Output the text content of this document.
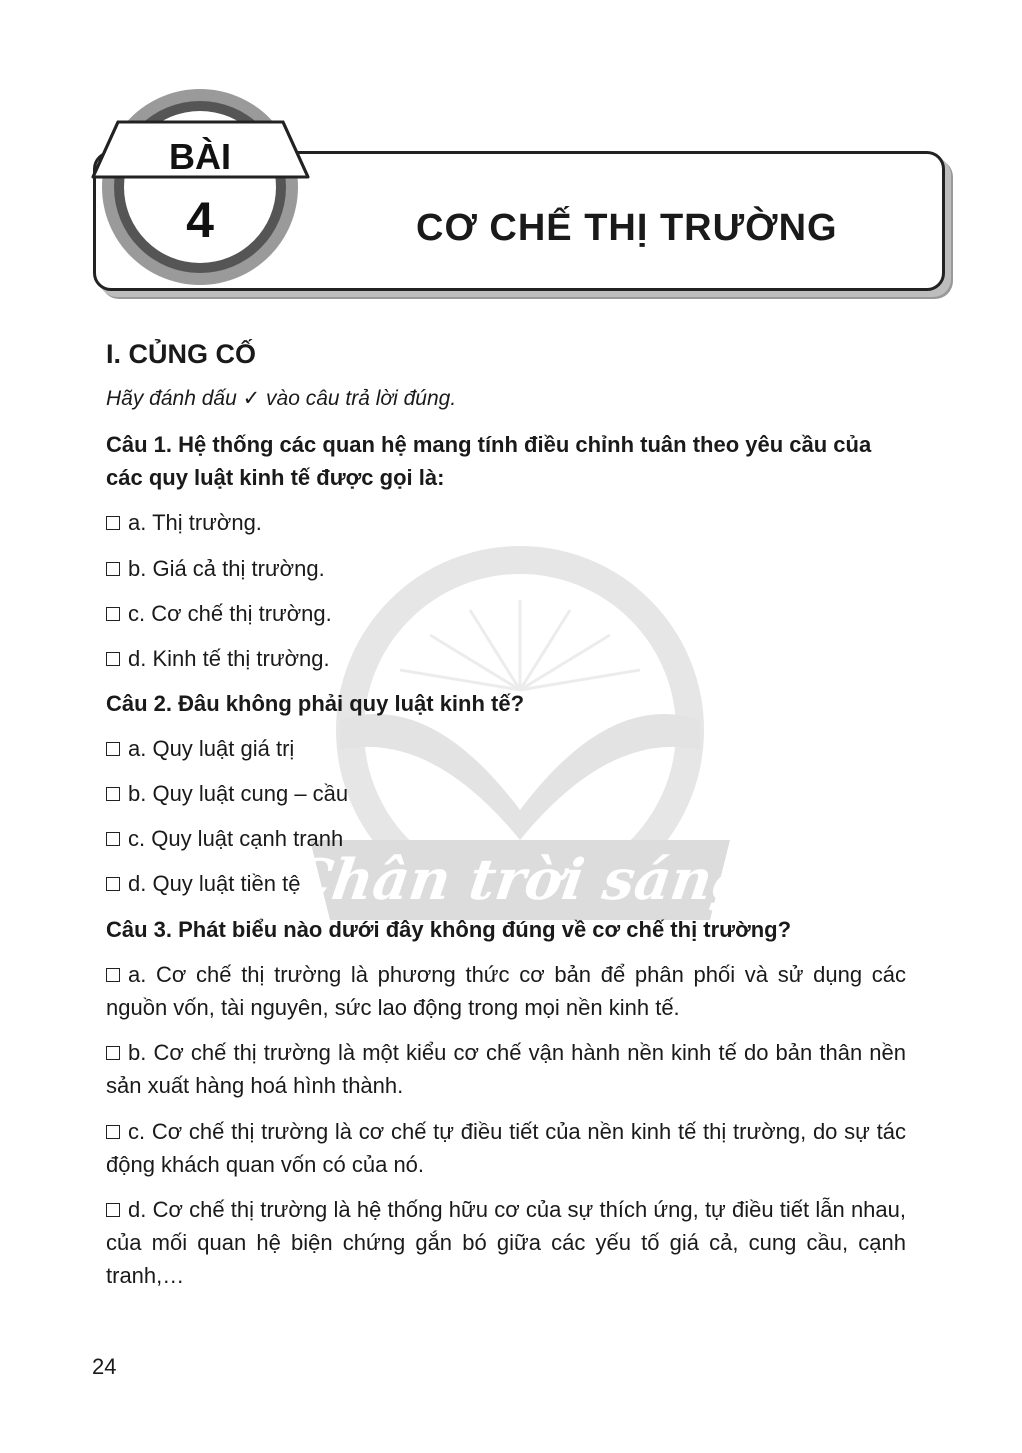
Chân trời sáng tạo
BÀI
4	CƠ CHẾ THỊ TRƯỜNG
I. CỦNG CỐ
Hãy đánh dấu ✓ vào câu trả lời đúng.
Câu 1. Hệ thống các quan hệ mang tính điều chỉnh tuân theo yêu cầu của các quy luật kinh tế được gọi là:
a. Thị trường.
b. Giá cả thị trường.
c. Cơ chế thị trường.
d. Kinh tế thị trường.
Câu 2. Đâu không phải quy luật kinh tế?
a. Quy luật giá trị
b. Quy luật cung – cầu
c. Quy luật cạnh tranh
d. Quy luật tiền tệ
Câu 3. Phát biểu nào dưới đây không đúng về cơ chế thị trường?
a. Cơ chế thị trường là phương thức cơ bản để phân phối và sử dụng các nguồn vốn, tài nguyên, sức lao động trong mọi nền kinh tế.
b. Cơ chế thị trường là một kiểu cơ chế vận hành nền kinh tế do bản thân nền sản xuất hàng hoá hình thành.
c. Cơ chế thị trường là cơ chế tự điều tiết của nền kinh tế thị trường, do sự tác động khách quan vốn có của nó.
d. Cơ chế thị trường là hệ thống hữu cơ của sự thích ứng, tự điều tiết lẫn nhau, của mối quan hệ biện chứng gắn bó giữa các yếu tố giá cả, cung cầu, cạnh tranh,…
24
